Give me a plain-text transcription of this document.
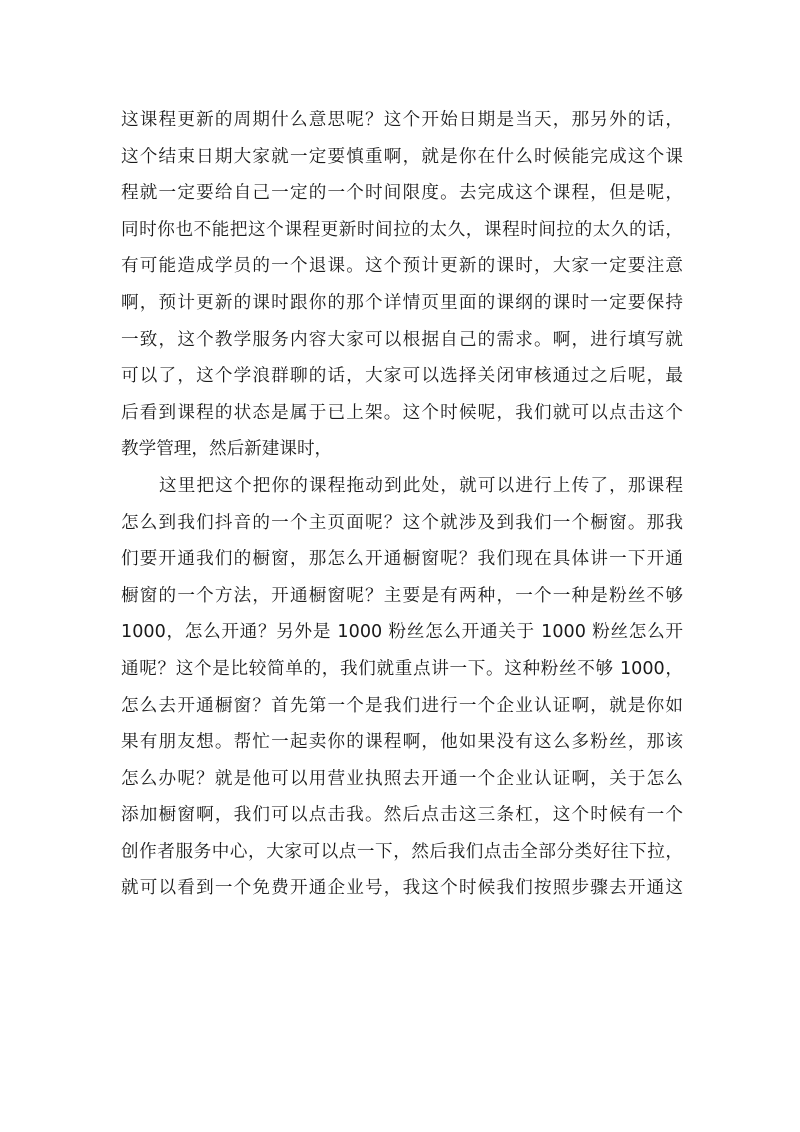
这课程更新的周期什么意思呢？这个开始日期是当天，那另外的话，
这个结束日期大家就一定要慎重啊，就是你在什么时候能完成这个课
程就一定要给自己一定的一个时间限度。去完成这个课程，但是呢，
同时你也不能把这个课程更新时间拉的太久，课程时间拉的太久的话，
有可能造成学员的一个退课。这个预计更新的课时，大家一定要注意
啊，预计更新的课时跟你的那个详情页里面的课纲的课时一定要保持
一致，这个教学服务内容大家可以根据自己的需求。啊，进行填写就
可以了，这个学浪群聊的话，大家可以选择关闭审核通过之后呢，最
后看到课程的状态是属于已上架。这个时候呢，我们就可以点击这个
教学管理，然后新建课时，

这里把这个把你的课程拖动到此处，就可以进行上传了，那课程
怎么到我们抖音的一个主页面呢？这个就涉及到我们一个橱窗。那我
们要开通我们的橱窗，那怎么开通橱窗呢？我们现在具体讲一下开通
橱窗的一个方法，开通橱窗呢？主要是有两种，一个一种是粉丝不够
1000，怎么开通？另外是 1000 粉丝怎么开通关于 1000 粉丝怎么开
通呢？这个是比较简单的，我们就重点讲一下。这种粉丝不够 1000，
怎么去开通橱窗？首先第一个是我们进行一个企业认证啊，就是你如
果有朋友想。帮忙一起卖你的课程啊，他如果没有这么多粉丝，那该
怎么办呢？就是他可以用营业执照去开通一个企业认证啊，关于怎么
添加橱窗啊，我们可以点击我。然后点击这三条杠，这个时候有一个
创作者服务中心，大家可以点一下，然后我们点击全部分类好往下拉，
就可以看到一个免费开通企业号，我这个时候我们按照步骤去开通这
